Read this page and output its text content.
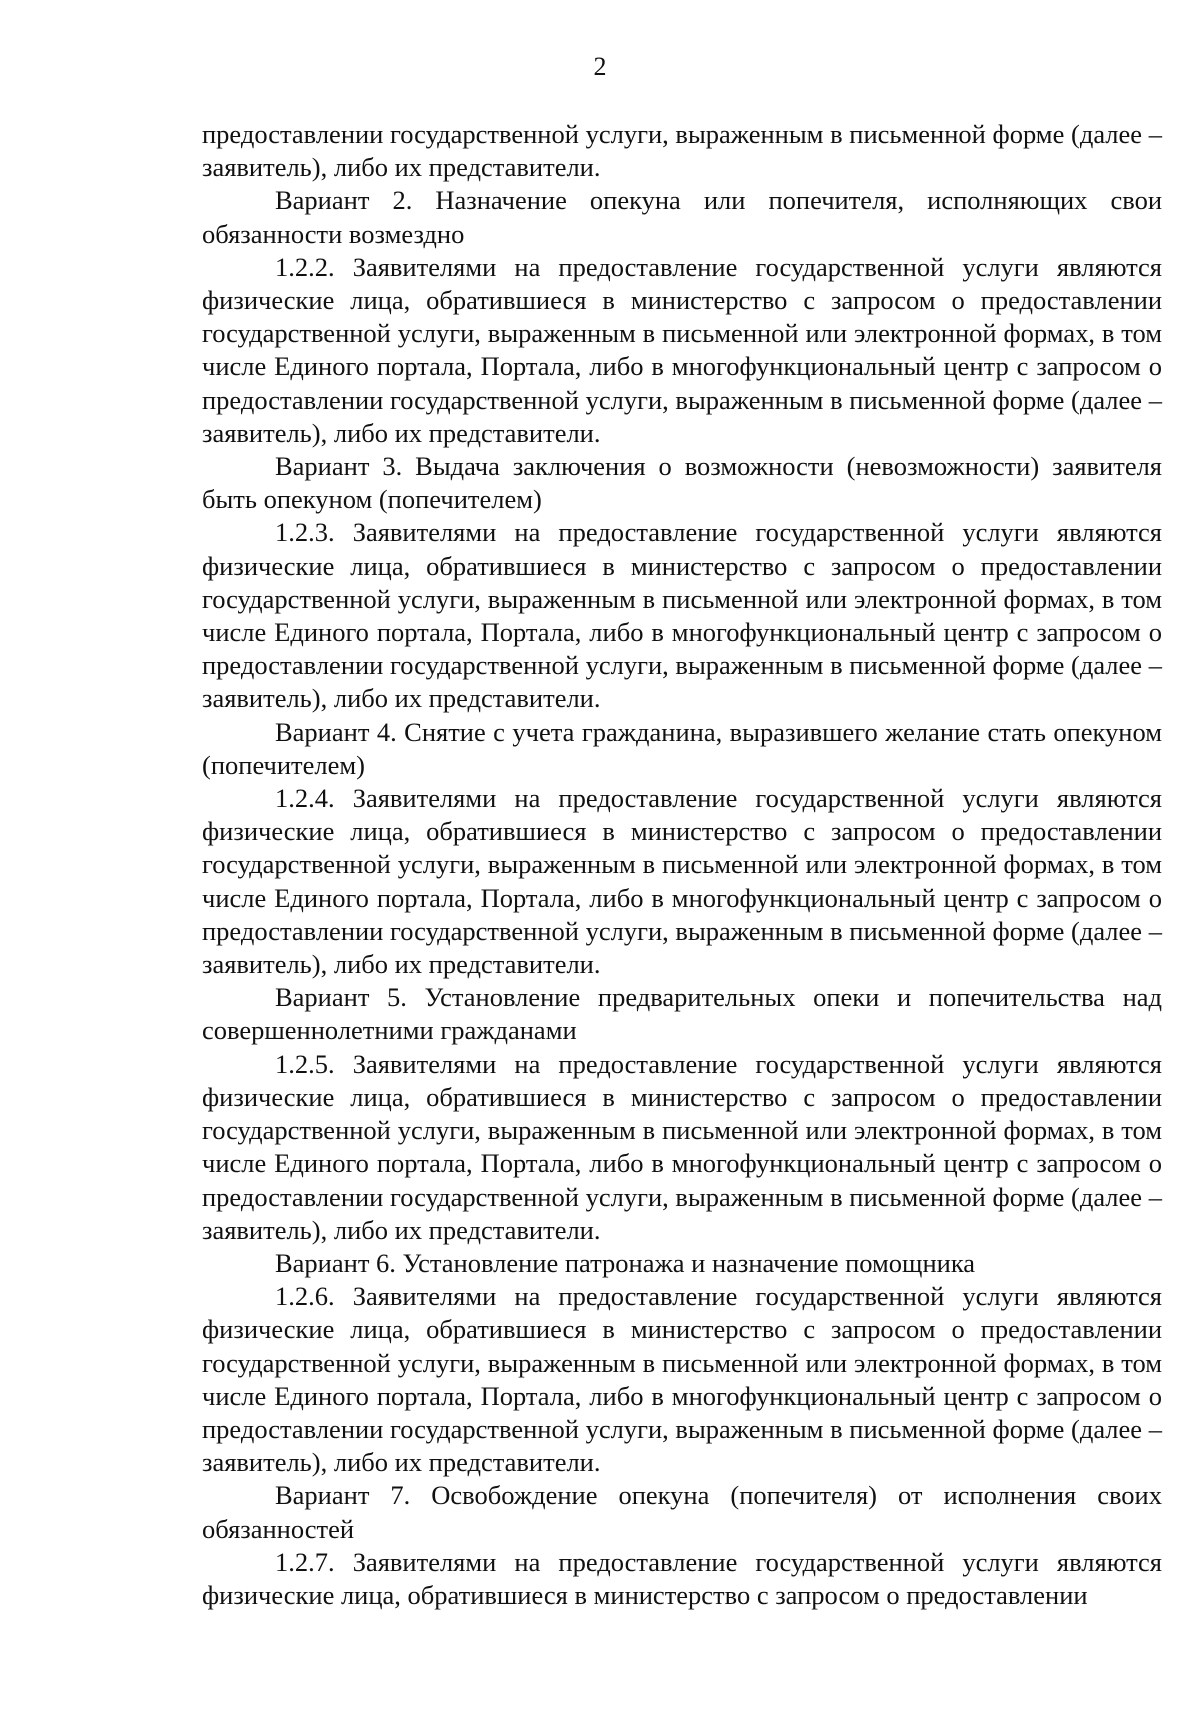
2

предоставлении государственной услуги, выраженным в письменной форме (далее – заявитель), либо их представители.

Вариант 2. Назначение опекуна или попечителя, исполняющих свои обязанности возмездно

1.2.2. Заявителями на предоставление государственной услуги являются физические лица, обратившиеся в министерство с запросом о предоставлении государственной услуги, выраженным в письменной или электронной формах, в том числе Единого портала, Портала, либо в многофункциональный центр с запросом о предоставлении государственной услуги, выраженным в письменной форме (далее – заявитель), либо их представители.

Вариант 3. Выдача заключения о возможности (невозможности) заявителя быть опекуном (попечителем)

1.2.3. Заявителями на предоставление государственной услуги являются физические лица, обратившиеся в министерство с запросом о предоставлении государственной услуги, выраженным в письменной или электронной формах, в том числе Единого портала, Портала, либо в многофункциональный центр с запросом о предоставлении государственной услуги, выраженным в письменной форме (далее – заявитель), либо их представители.

Вариант 4. Снятие с учета гражданина, выразившего желание стать опекуном (попечителем)

1.2.4. Заявителями на предоставление государственной услуги являются физические лица, обратившиеся в министерство с запросом о предоставлении государственной услуги, выраженным в письменной или электронной формах, в том числе Единого портала, Портала, либо в многофункциональный центр с запросом о предоставлении государственной услуги, выраженным в письменной форме (далее – заявитель), либо их представители.

Вариант 5. Установление предварительных опеки и попечительства над совершеннолетними гражданами

1.2.5. Заявителями на предоставление государственной услуги являются физические лица, обратившиеся в министерство с запросом о предоставлении государственной услуги, выраженным в письменной или электронной формах, в том числе Единого портала, Портала, либо в многофункциональный центр с запросом о предоставлении государственной услуги, выраженным в письменной форме (далее – заявитель), либо их представители.

Вариант 6. Установление патронажа и назначение помощника

1.2.6. Заявителями на предоставление государственной услуги являются физические лица, обратившиеся в министерство с запросом о предоставлении государственной услуги, выраженным в письменной или электронной формах, в том числе Единого портала, Портала, либо в многофункциональный центр с запросом о предоставлении государственной услуги, выраженным в письменной форме (далее – заявитель), либо их представители.

Вариант 7. Освобождение опекуна (попечителя) от исполнения своих обязанностей

1.2.7. Заявителями на предоставление государственной услуги являются физические лица, обратившиеся в министерство с запросом о предоставлении
